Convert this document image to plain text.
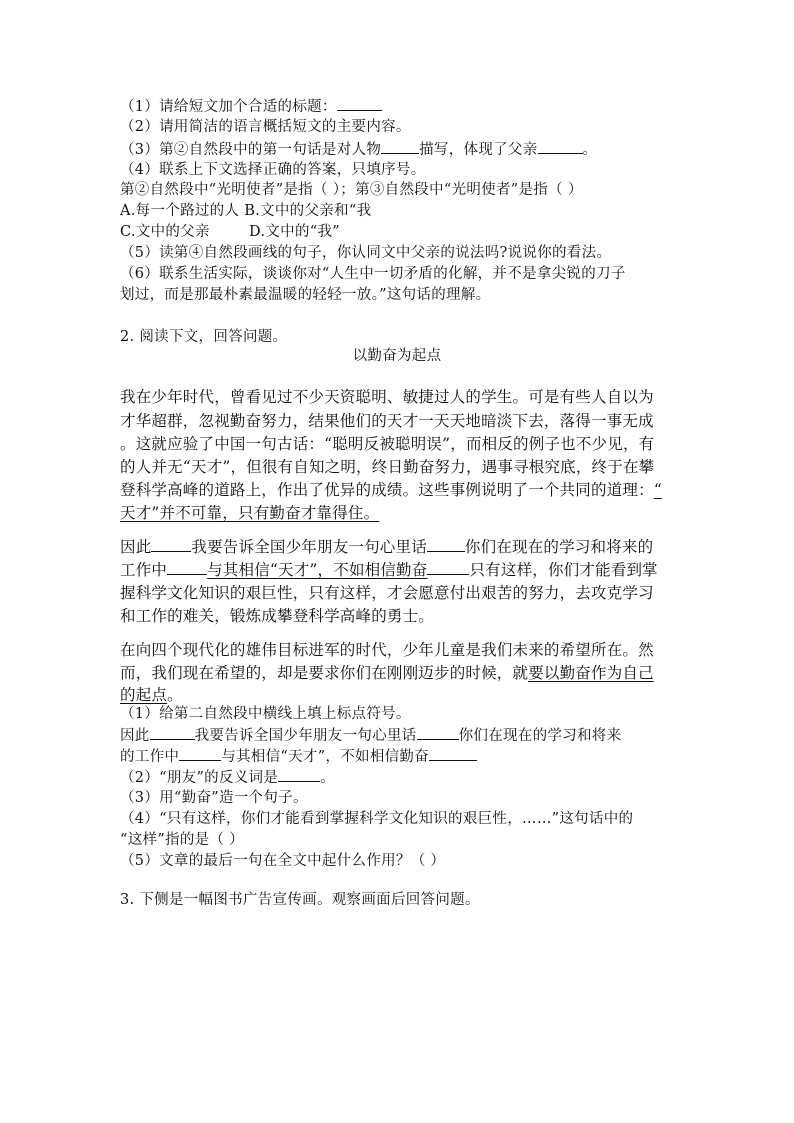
（1）请给短文加个合适的标题：
（2）请用简洁的语言概括短文的主要内容。
（3）第②自然段中的第一句话是对人物	描写，体现了父亲	。
（4）联系上下文选择正确的答案，只填序号。
第②自然段中“光明使者”是指（ ）；第③自然段中“光明使者”是指（ ）
A.每一个路过的人 B.文中的父亲和“我
C.文中的父亲        D.文中的“我”
（5）读第④自然段画线的句子，你认同文中父亲的说法吗?说说你的看法。
（6）联系生活实际，谈谈你对“人生中一切矛盾的化解，并不是拿尖锐的刀子
划过，而是那最朴素最温暖的轻轻一放。”这句话的理解。
2. 阅读下文，回答问题。
以勤奋为起点
我在少年时代，曾看见过不少天资聪明、敏捷过人的学生。可是有些人自以为
才华超群，忽视勤奋努力，结果他们的天才一天天地暗淡下去，落得一事无成
。这就应验了中国一句古话：“聪明反被聪明误”，而相反的例子也不少见，有
的人并无“天才”，但很有自知之明，终日勤奋努力，遇事寻根究底，终于在攀
登科学高峰的道路上，作出了优异的成绩。这些事例说明了一个共同的道理：“
天才”并不可靠，只有勤奋才靠得住。
因此	我要告诉全国少年朋友一句心里话 你们在现在的学习和将来的
工作中	与其相信“天才”，不如相信勤奋	只有这样，你们才能看到掌
握科学文化知识的艰巨性，只有这样，才会愿意付出艰苦的努力，去攻克学习
和工作的难关，锻炼成攀登科学高峰的勇士。
在向四个现代化的雄伟目标进军的时代，少年儿童是我们未来的希望所在。然
而，我们现在希望的，却是要求你们在刚刚迈步的时候，就要以勤奋作为自己
的起点。
（1）给第二自然段中横线上填上标点符号。
因此	我要告诉全国少年朋友一句心里话	你们在现在的学习和将来
的工作中	与其相信“天才”，不如相信勤奋
（2）“朋友”的反义词是	。
（3）用“勤奋”造一个句子。
（4）“只有这样，你们才能看到掌握科学文化知识的艰巨性，……”这句话中的
“这样”指的是（ ）
（5）文章的最后一句在全文中起什么作用？（ ）
3. 下侧是一幅图书广告宣传画。观察画面后回答问题。
